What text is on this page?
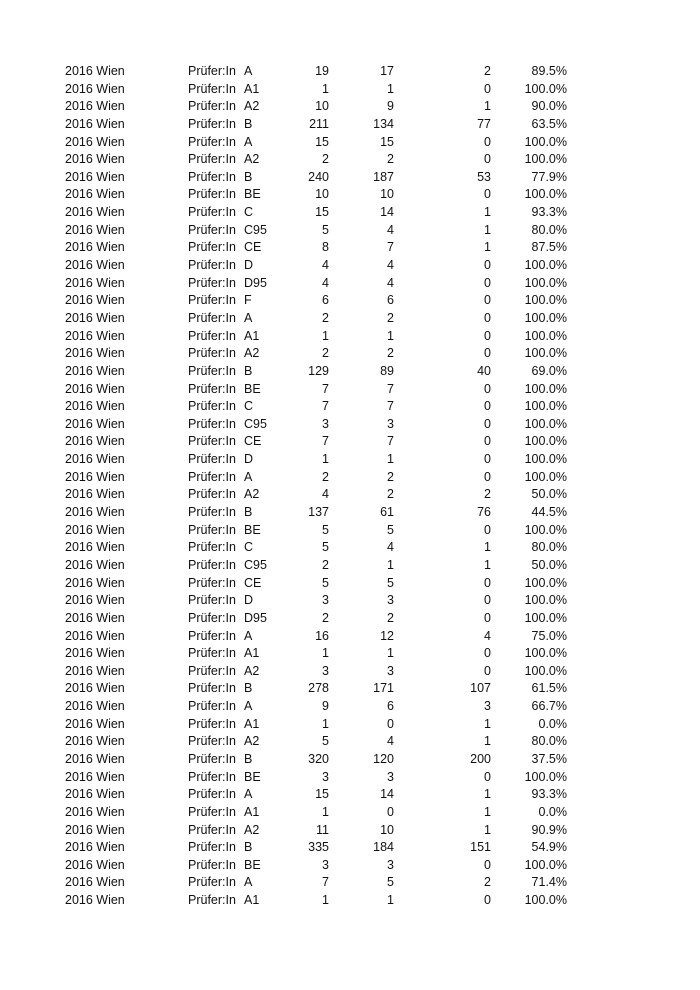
2016 Wien	Prüfer:In A	19	17	2	89.5%
2016 Wien	Prüfer:In A1	1	1	0	100.0%
2016 Wien	Prüfer:In A2	10	9	1	90.0%
2016 Wien	Prüfer:In B	211	134	77	63.5%
2016 Wien	Prüfer:In A	15	15	0	100.0%
2016 Wien	Prüfer:In A2	2	2	0	100.0%
2016 Wien	Prüfer:In B	240	187	53	77.9%
2016 Wien	Prüfer:In BE	10	10	0	100.0%
2016 Wien	Prüfer:In C	15	14	1	93.3%
2016 Wien	Prüfer:In C95	5	4	1	80.0%
2016 Wien	Prüfer:In CE	8	7	1	87.5%
2016 Wien	Prüfer:In D	4	4	0	100.0%
2016 Wien	Prüfer:In D95	4	4	0	100.0%
2016 Wien	Prüfer:In F	6	6	0	100.0%
2016 Wien	Prüfer:In A	2	2	0	100.0%
2016 Wien	Prüfer:In A1	1	1	0	100.0%
2016 Wien	Prüfer:In A2	2	2	0	100.0%
2016 Wien	Prüfer:In B	129	89	40	69.0%
2016 Wien	Prüfer:In BE	7	7	0	100.0%
2016 Wien	Prüfer:In C	7	7	0	100.0%
2016 Wien	Prüfer:In C95	3	3	0	100.0%
2016 Wien	Prüfer:In CE	7	7	0	100.0%
2016 Wien	Prüfer:In D	1	1	0	100.0%
2016 Wien	Prüfer:In A	2	2	0	100.0%
2016 Wien	Prüfer:In A2	4	2	2	50.0%
2016 Wien	Prüfer:In B	137	61	76	44.5%
2016 Wien	Prüfer:In BE	5	5	0	100.0%
2016 Wien	Prüfer:In C	5	4	1	80.0%
2016 Wien	Prüfer:In C95	2	1	1	50.0%
2016 Wien	Prüfer:In CE	5	5	0	100.0%
2016 Wien	Prüfer:In D	3	3	0	100.0%
2016 Wien	Prüfer:In D95	2	2	0	100.0%
2016 Wien	Prüfer:In A	16	12	4	75.0%
2016 Wien	Prüfer:In A1	1	1	0	100.0%
2016 Wien	Prüfer:In A2	3	3	0	100.0%
2016 Wien	Prüfer:In B	278	171	107	61.5%
2016 Wien	Prüfer:In A	9	6	3	66.7%
2016 Wien	Prüfer:In A1	1	0	1	0.0%
2016 Wien	Prüfer:In A2	5	4	1	80.0%
2016 Wien	Prüfer:In B	320	120	200	37.5%
2016 Wien	Prüfer:In BE	3	3	0	100.0%
2016 Wien	Prüfer:In A	15	14	1	93.3%
2016 Wien	Prüfer:In A1	1	0	1	0.0%
2016 Wien	Prüfer:In A2	11	10	1	90.9%
2016 Wien	Prüfer:In B	335	184	151	54.9%
2016 Wien	Prüfer:In BE	3	3	0	100.0%
2016 Wien	Prüfer:In A	7	5	2	71.4%
2016 Wien	Prüfer:In A1	1	1	0	100.0%
